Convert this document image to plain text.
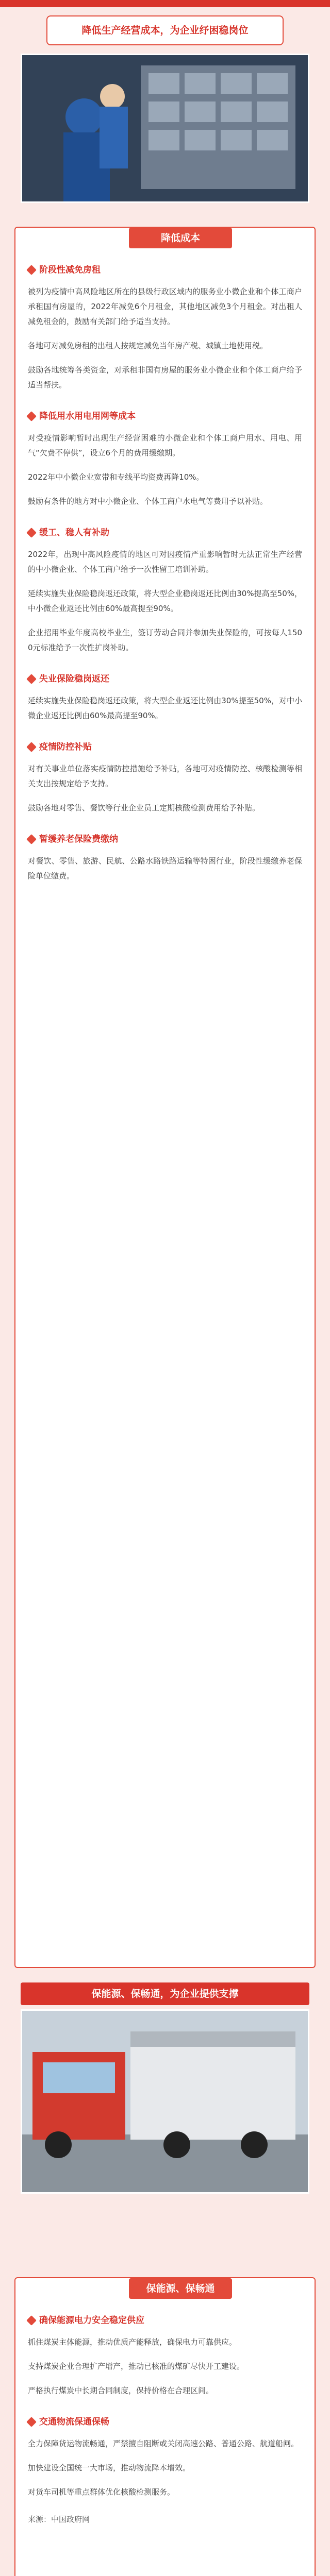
降低生产经营成本，为企业纾困稳岗位
降低成本
阶段性减免房租

被列为疫情中高风险地区所在的县级行政区域内的服务业小微企业和个体工商户承租国有房屋的，2022年减免6个月租金，其他地区减免3个月租金。对出租人减免租金的，鼓励有关部门给予适当支持。

各地可对减免房租的出租人按规定减免当年房产税、城镇土地使用税。

鼓励各地统筹各类资金，对承租非国有房屋的服务业小微企业和个体工商户给予适当帮扶。

降低用水用电用网等成本

对受疫情影响暂时出现生产经营困难的小微企业和个体工商户用水、用电、用气“欠费不停供”，设立6个月的费用缓缴期。

2022年中小微企业宽带和专线平均资费再降10%。

鼓励有条件的地方对中小微企业、个体工商户水电气等费用予以补贴。

缓工、稳人有补助

2022年，出现中高风险疫情的地区可对因疫情严重影响暂时无法正常生产经营的中小微企业、个体工商户给予一次性留工培训补助。

延续实施失业保险稳岗返还政策，将大型企业稳岗返还比例由30%提高至50%，中小微企业返还比例由60%最高提至90%。

企业招用毕业年度高校毕业生，签订劳动合同并参加失业保险的，可按每人1500元标准给予一次性扩岗补助。

失业保险稳岗返还

延续实施失业保险稳岗返还政策，将大型企业返还比例由30%提至50%，对中小微企业返还比例由60%最高提至90%。

疫情防控补贴

对有关事业单位落实疫情防控措施给予补贴，各地可对疫情防控、核酸检测等相关支出按规定给予支持。

鼓励各地对零售、餐饮等行业企业员工定期核酸检测费用给予补贴。

暂缓养老保险费缴纳

对餐饮、零售、旅游、民航、公路水路铁路运输等特困行业，阶段性缓缴养老保险单位缴费。

保能源、保畅通，为企业提供支撑
保能源、保畅通
确保能源电力安全稳定供应

抓住煤炭主体能源，推动优质产能释放，确保电力可靠供应。

支持煤炭企业合理扩产增产，推动已核准的煤矿尽快开工建设。

严格执行煤炭中长期合同制度，保持价格在合理区间。

交通物流保通保畅

全力保障货运物流畅通，严禁擅自阻断或关闭高速公路、普通公路、航道船闸。

加快建设全国统一大市场，推动物流降本增效。

对货车司机等重点群体优化核酸检测服务。

来源：中国政府网
